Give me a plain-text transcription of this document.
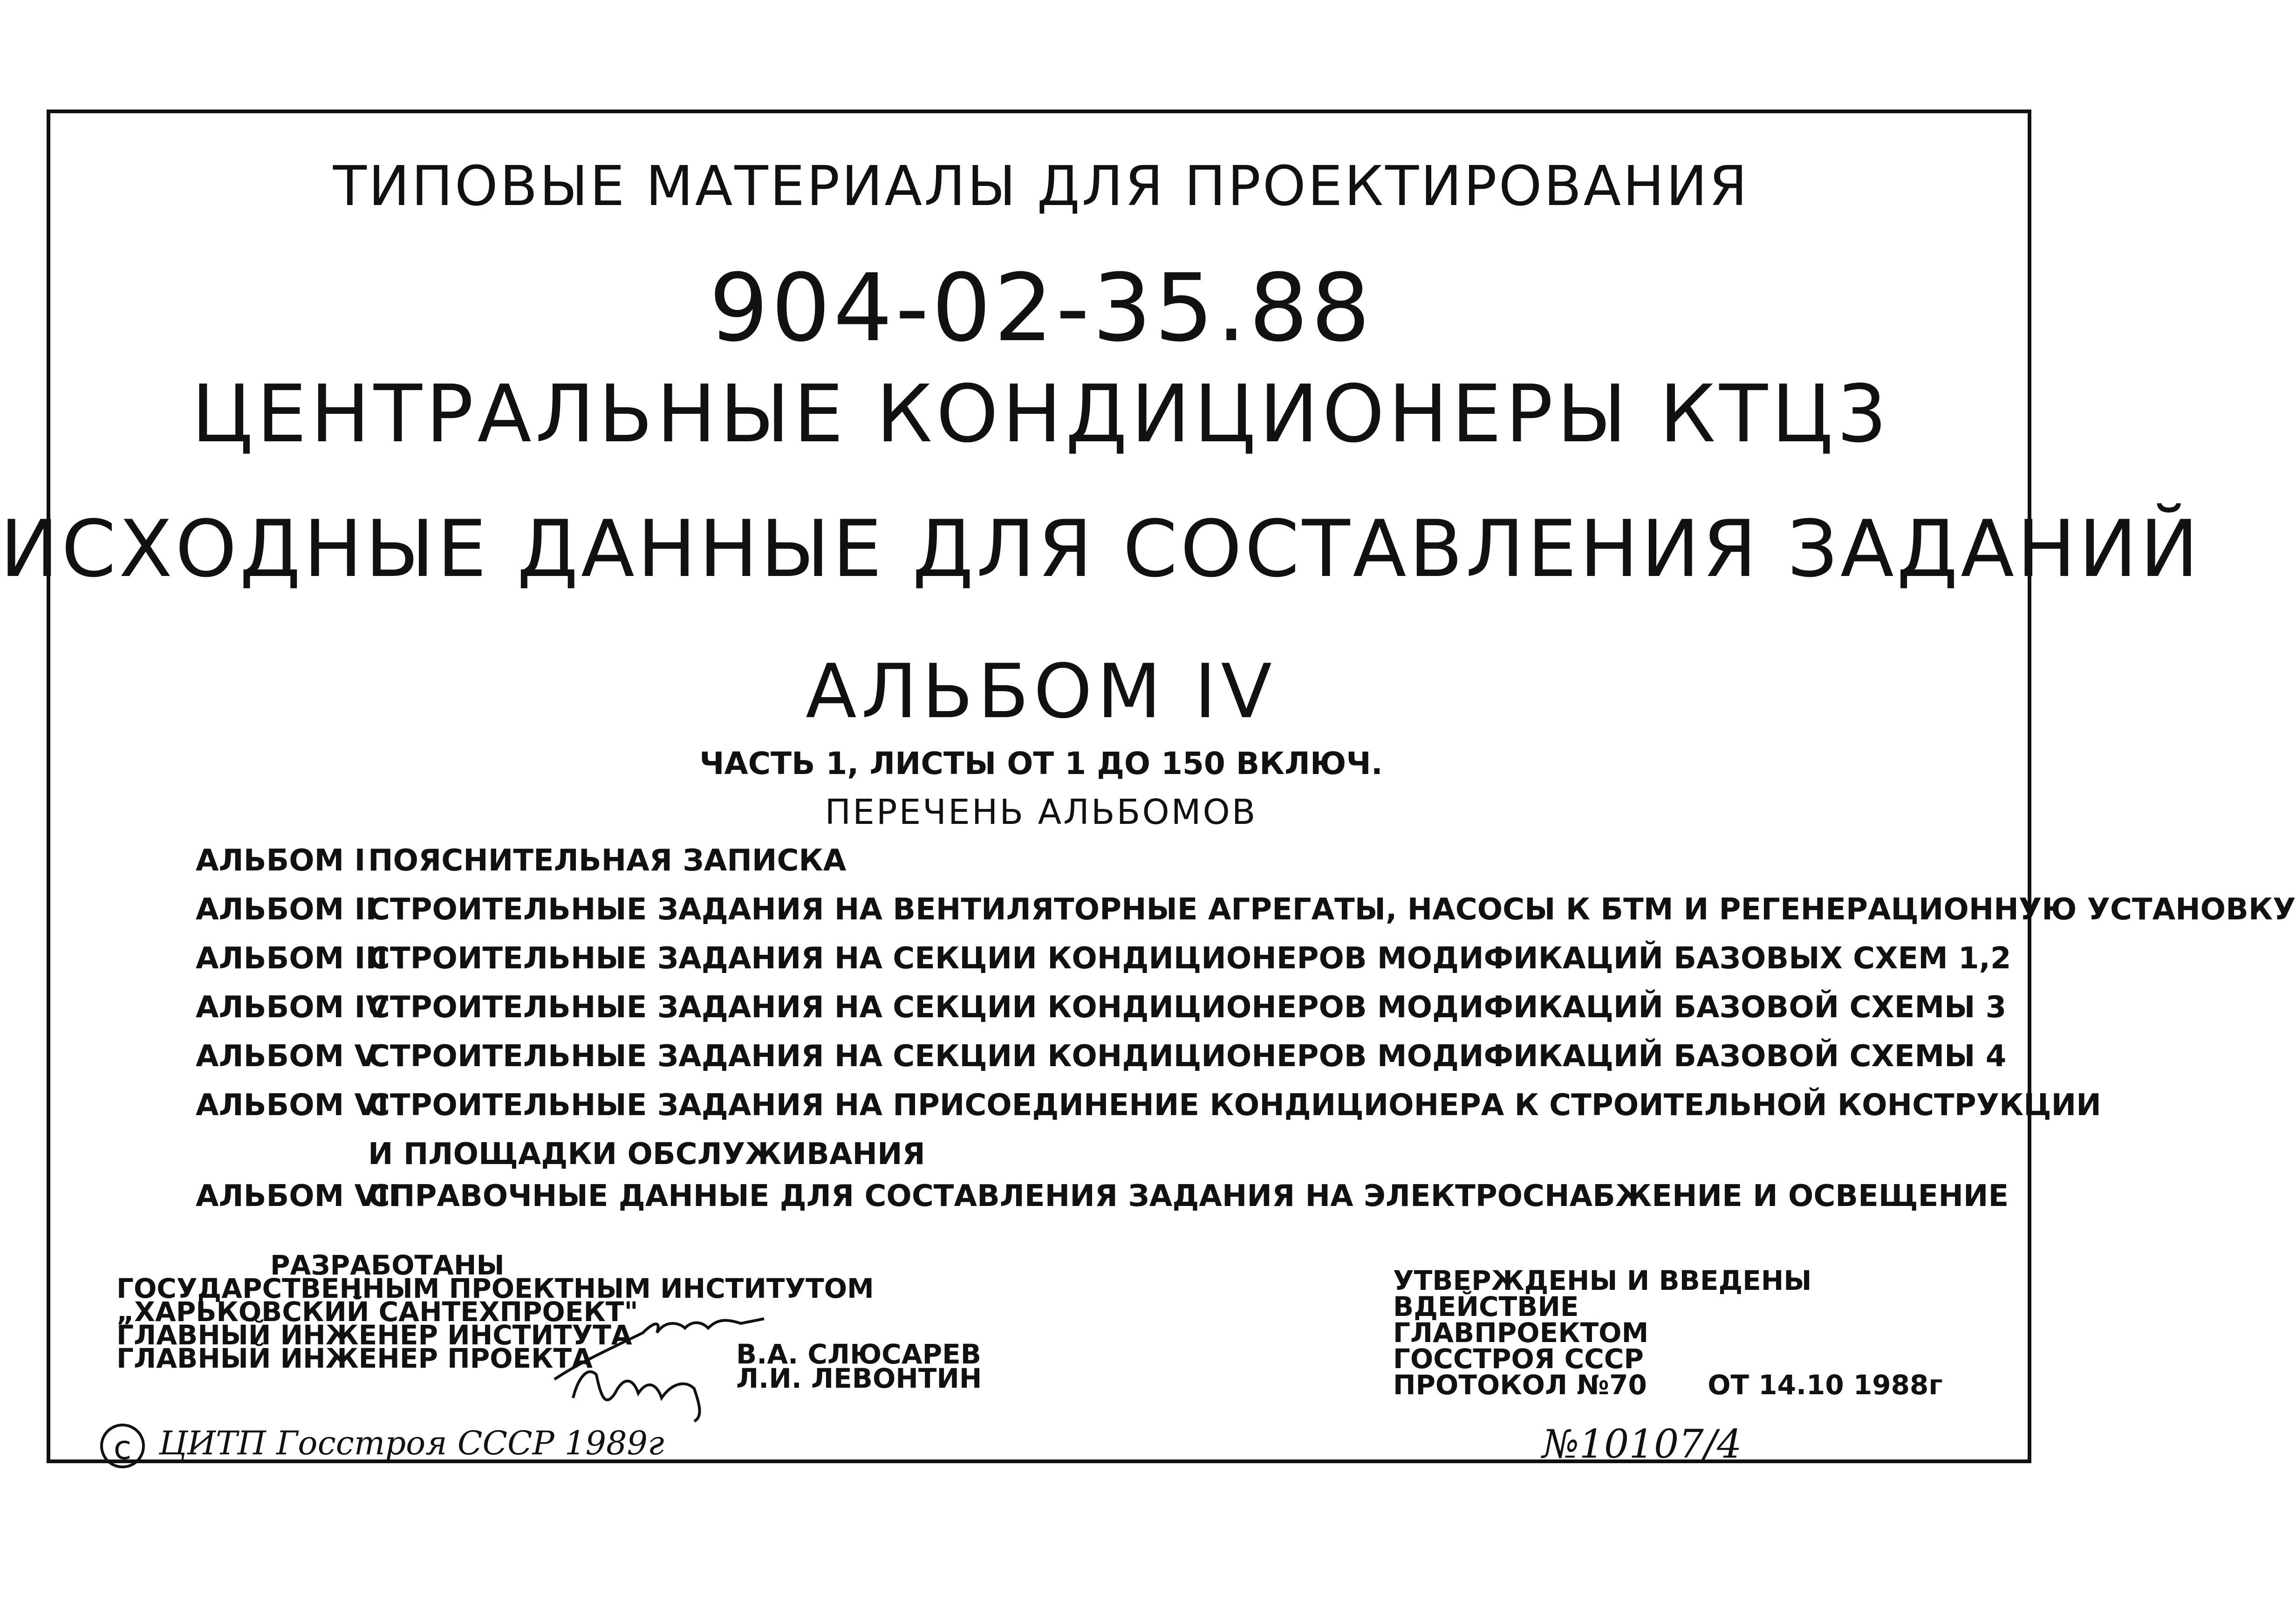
ТИПОВЫЕ МАТЕРИАЛЫ ДЛЯ ПРОЕКТИРОВАНИЯ
904-02-35.88
ЦЕНТРАЛЬНЫЕ КОНДИЦИОНЕРЫ КТЦ3
ИСХОДНЫЕ ДАННЫЕ ДЛЯ СОСТАВЛЕНИЯ ЗАДАНИЙ
АЛЬБОМ IV
ЧАСТЬ 1, ЛИСТЫ ОТ 1 ДО 150 ВКЛЮЧ.
ПЕРЕЧЕНЬ АЛЬБОМОВ
АЛЬБОМ I ПОЯСНИТЕЛЬНАЯ ЗАПИСКА
АЛЬБОМ II
СТРОИТЕЛЬНЫЕ ЗАДАНИЯ НА ВЕНТИЛЯТОРНЫЕ АГРЕГАТЫ, НАСОСЫ К БТМ И РЕГЕНЕРАЦИОННУЮ УСТАНОВКУ
АЛЬБОМ III
СТРОИТЕЛЬНЫЕ ЗАДАНИЯ НА СЕКЦИИ КОНДИЦИОНЕРОВ МОДИФИКАЦИЙ БАЗОВЫХ СХЕМ 1,2
АЛЬБОМ IV
СТРОИТЕЛЬНЫЕ ЗАДАНИЯ НА СЕКЦИИ КОНДИЦИОНЕРОВ МОДИФИКАЦИЙ БАЗОВОЙ СХЕМЫ 3
АЛЬБОМ V
СТРОИТЕЛЬНЫЕ ЗАДАНИЯ НА СЕКЦИИ КОНДИЦИОНЕРОВ МОДИФИКАЦИЙ БАЗОВОЙ СХЕМЫ 4
АЛЬБОМ VI
СТРОИТЕЛЬНЫЕ ЗАДАНИЯ НА ПРИСОЕДИНЕНИЕ КОНДИЦИОНЕРА К СТРОИТЕЛЬНОЙ КОНСТРУКЦИИ
И ПЛОЩАДКИ ОБСЛУЖИВАНИЯ
АЛЬБОМ VII
СПРАВОЧНЫЕ ДАННЫЕ ДЛЯ СОСТАВЛЕНИЯ ЗАДАНИЯ НА ЭЛЕКТРОСНАБЖЕНИЕ И ОСВЕЩЕНИЕ
РАЗРАБОТАНЫ
ГОСУДАРСТВЕННЫМ ПРОЕКТНЫМ ИНСТИТУТОМ
„ХАРЬКОВСКИЙ САНТЕХПРОЕКТ"
ГЛАВНЫЙ ИНЖЕНЕР ИНСТИТУТА
ГЛАВНЫЙ ИНЖЕНЕР ПРОЕКТА	В.А. СЛЮСАРЕВ
Л.И. ЛЕВОНТИН
УТВЕРЖДЕНЫ И ВВЕДЕНЫ
ВДЕЙСТВИЕ
ГЛАВПРОЕКТОМ
ГОССТРОЯ СССР
ПРОТОКОЛ №70 ОТ 14.10 1988г
c ЦИТП Госстроя СССР 1989г	№10107/4
